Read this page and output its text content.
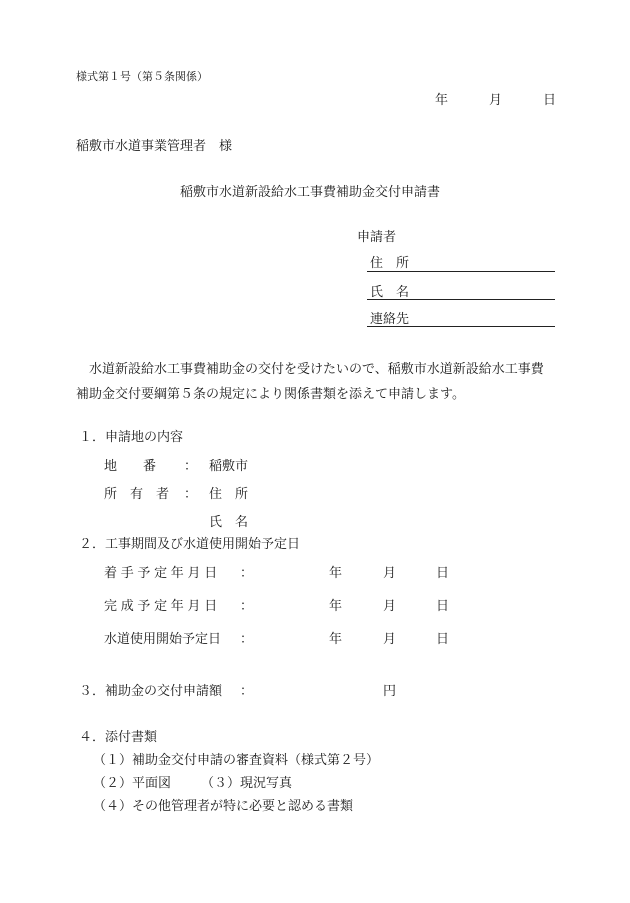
様式第１号（第５条関係）
年	月	日
稲敷市水道事業管理者　様
稲敷市水道新設給水工事費補助金交付申請書
申請者
住　所
氏　名
連絡先
水道新設給水工事費補助金の交付を受けたいので、稲敷市水道新設給水工事費補助金交付要綱第５条の規定により関係書類を添えて申請します。
１．申請地の内容
地　　番	： 稲敷市
所　有　者 ： 住　所
氏　名
２．工事期間及び水道使用開始予定日
着手予定年月日 ：	年	月	日
完成予定年月日 ：	年	月	日
水道使用開始予定日 ：	年	月	日
３．補助金の交付申請額 ：	円
４．添付書類
（１）補助金交付申請の審査資料（様式第２号）
（２）平面図 （３）現況写真
（４）その他管理者が特に必要と認める書類
